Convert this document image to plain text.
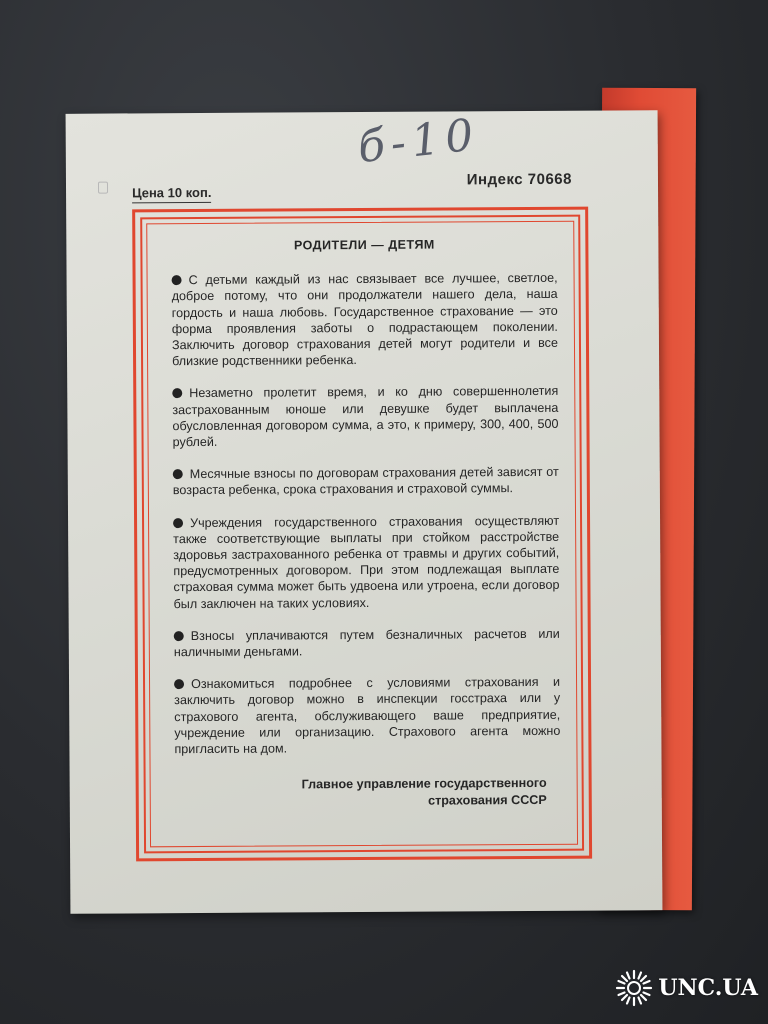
б-10
Цена 10 коп.
Индекс 70668
РОДИТЕЛИ — ДЕТЯМ
С детьми каждый из нас связывает все лучшее, светлое, доброе потому, что они продолжатели нашего дела, наша гордость и наша любовь. Государственное страхование — это форма проявления заботы о подрастающем поколении. Заключить договор страхования детей могут родители и все близкие родственники ребенка.
Незаметно пролетит время, и ко дню совершеннолетия застрахованным юноше или девушке будет выплачена обусловленная договором сумма, а это, к примеру, 300, 400, 500 рублей.
Месячные взносы по договорам страхования детей зависят от возраста ребенка, срока страхования и страховой суммы.
Учреждения государственного страхования осуществляют также соответствующие выплаты при стойком расстройстве здоровья застрахованного ребенка от травмы и других событий, предусмотренных договором. При этом подлежащая выплате страховая сумма может быть удвоена или утроена, если договор был заключен на таких условиях.
Взносы уплачиваются путем безналичных расчетов или наличными деньгами.
Ознакомиться подробнее с условиями страхования и заключить договор можно в инспекции госстраха или у страхового агента, обслуживающего ваше предприятие, учреждение или организацию. Страхового агента можно пригласить на дом.
Главное управление государственного
страхования СССР
UNC.UA
